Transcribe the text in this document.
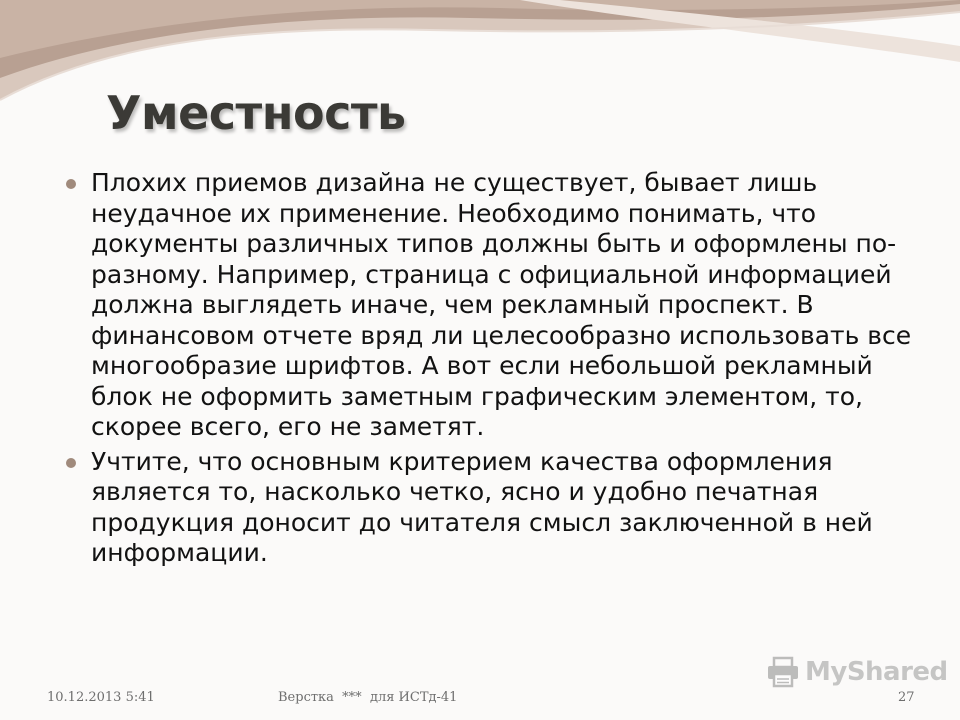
Уместность
Плохих приемов дизайна не существует, бывает лишь неудачное их применение. Необходимо понимать, что документы различных типов должны быть и оформлены по-разному. Например, страница с официальной информацией должна выглядеть иначе, чем рекламный проспект. В финансовом отчете вряд ли целесообразно использовать все многообразие шрифтов. А вот если небольшой рекламный блок не оформить заметным графическим элементом, то, скорее всего, его не заметят.
Учтите, что основным критерием качества оформления является то, насколько четко, ясно и удобно печатная продукция доносит до читателя смысл заключенной в ней информации.
10.12.2013 5:41	Верстка  ***  для ИСТд-41	27
MyShared
